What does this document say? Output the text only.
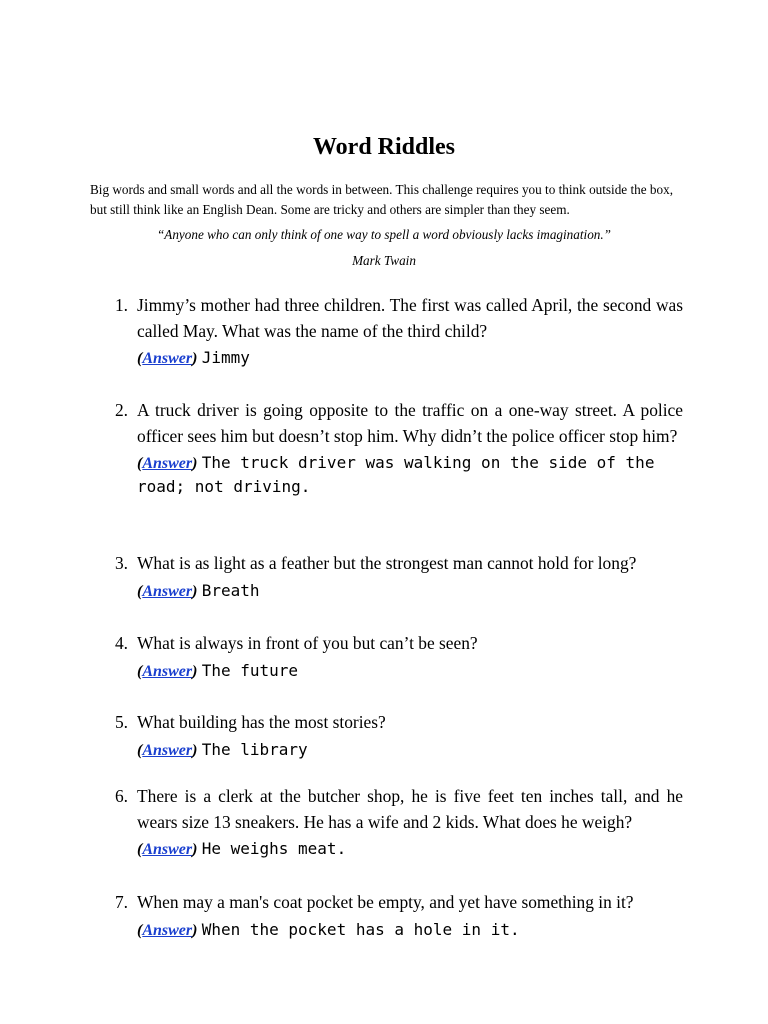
Word Riddles
Big words and small words and all the words in between. This challenge requires you to think outside the box, but still think like an English Dean. Some are tricky and others are simpler than they seem.
“Anyone who can only think of one way to spell a word obviously lacks imagination.”
Mark Twain
1. Jimmy’s mother had three children. The first was called April, the second was called May. What was the name of the third child?
(Answer) Jimmy
2. A truck driver is going opposite to the traffic on a one-way street. A police officer sees him but doesn’t stop him. Why didn’t the police officer stop him?
(Answer) The truck driver was walking on the side of the road; not driving.
3. What is as light as a feather but the strongest man cannot hold for long?
(Answer) Breath
4. What is always in front of you but can’t be seen?
(Answer) The future
5. What building has the most stories?
(Answer) The library
6. There is a clerk at the butcher shop, he is five feet ten inches tall, and he wears size 13 sneakers. He has a wife and 2 kids. What does he weigh?
(Answer) He weighs meat.
7. When may a man's coat pocket be empty, and yet have something in it?
(Answer) When the pocket has a hole in it.
